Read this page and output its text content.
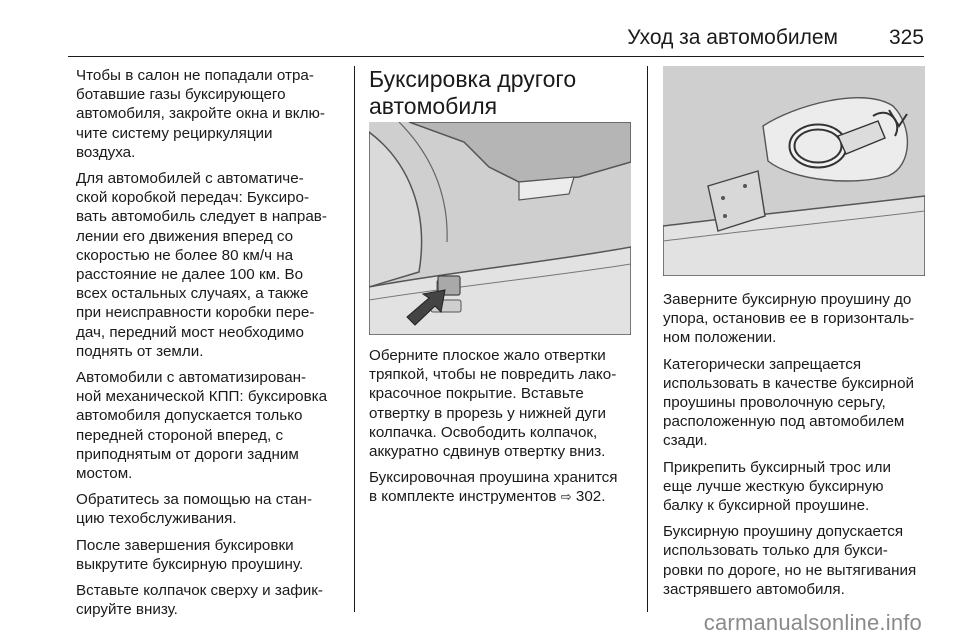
Уход за автомобилем 325

Чтобы в салон не попадали отра-
ботавшие газы буксирующего
автомобиля, закройте окна и вклю-
чите систему рециркуляции
воздуха.

Для автомобилей с автоматиче-
ской коробкой передач: Буксиро-
вать автомобиль следует в направ-
лении его движения вперед со
скоростью не более 80 км/ч на
расстояние не далее 100 км. Во
всех остальных случаях, а также
при неисправности коробки пере-
дач, передний мост необходимо
поднять от земли.

Автомобили с автоматизирован-
ной механической КПП: буксировка
автомобиля допускается только
передней стороной вперед, с
приподнятым от дороги задним
мостом.

Обратитесь за помощью на стан-
цию техобслуживания.

После завершения буксировки
выкрутите буксирную проушину.

Вставьте колпачок сверху и зафик-
сируйте внизу.

Буксировка другого
автомобиля

Оберните плоское жало отвертки
тряпкой, чтобы не повредить лако-
красочное покрытие. Вставьте
отвертку в прорезь у нижней дуги
колпачка. Освободить колпачок,
аккуратно сдвинув отвертку вниз.

Буксировочная проушина хранится
в комплекте инструментов ⇨ 302.

Заверните буксирную проушину до
упора, остановив ее в горизонталь-
ном положении.

Категорически запрещается
использовать в качестве буксирной
проушины проволочную серьгу,
расположенную под автомобилем
сзади.

Прикрепить буксирный трос или
еще лучше жесткую буксирную
балку к буксирной проушине.

Буксирную проушину допускается
использовать только для букси-
ровки по дороге, но не вытягивания
застрявшего автомобиля.

carmanualsonline.info
